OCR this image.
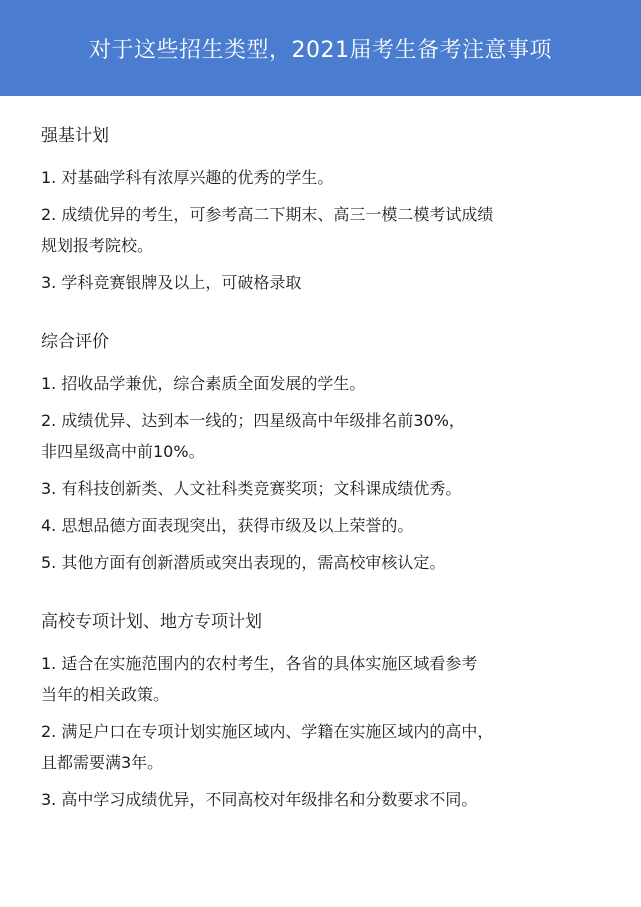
对于这些招生类型，2021届考生备考注意事项
强基计划
1. 对基础学科有浓厚兴趣的优秀的学生。
2. 成绩优异的考生，可参考高二下期末、高三一模二模考试成绩
规划报考院校。
3. 学科竞赛银牌及以上，可破格录取
综合评价
1. 招收品学兼优，综合素质全面发展的学生。
2. 成绩优异、达到本一线的；四星级高中年级排名前30%，
非四星级高中前10%。
3. 有科技创新类、人文社科类竞赛奖项；文科课成绩优秀。
4. 思想品德方面表现突出，获得市级及以上荣誉的。
5. 其他方面有创新潜质或突出表现的，需高校审核认定。
高校专项计划、地方专项计划
1. 适合在实施范围内的农村考生，各省的具体实施区域看参考
当年的相关政策。
2. 满足户口在专项计划实施区域内、学籍在实施区域内的高中，
且都需要满3年。
3. 高中学习成绩优异，不同高校对年级排名和分数要求不同。
